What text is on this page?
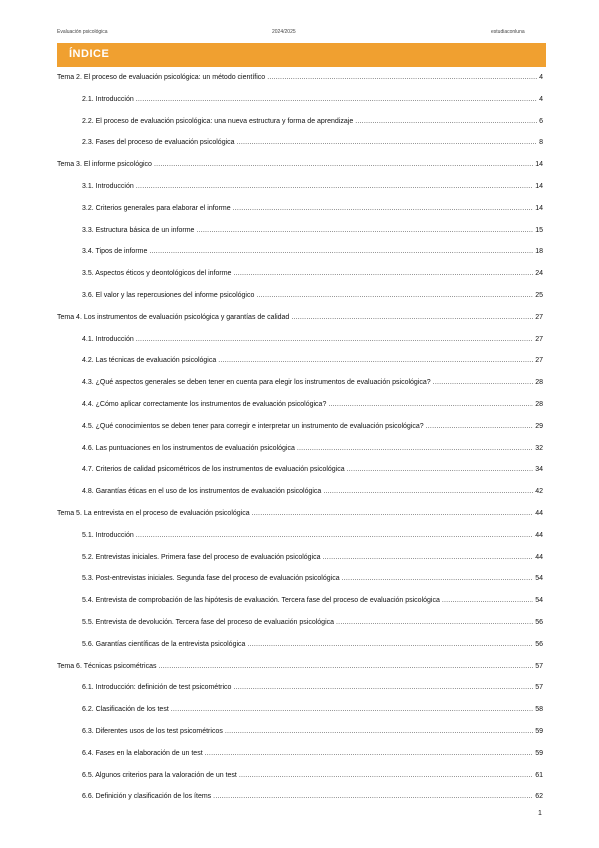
Evaluación psicológica	2024/2025	estudiaconluna
ÍNDICE
Tema 2. El proceso de evaluación psicológica: un método científico .....	4
2.1. Introducción .....	4
2.2. El proceso de evaluación psicológica: una nueva estructura y forma de aprendizaje .....	6
2.3. Fases del proceso de evaluación psicológica .....	8
Tema 3. El informe psicológico .....	14
3.1. Introducción .....	14
3.2. Criterios generales para elaborar el informe .....	14
3.3. Estructura básica de un informe .....	15
3.4. Tipos de informe .....	18
3.5. Aspectos éticos y deontológicos del informe .....	24
3.6. El valor y las repercusiones del informe psicológico .....	25
Tema 4. Los instrumentos de evaluación psicológica y garantías de calidad .....	27
4.1. Introducción .....	27
4.2. Las técnicas de evaluación psicológica .....	27
4.3. ¿Qué aspectos generales se deben tener en cuenta para elegir los instrumentos de evaluación psicológica? .....	28
4.4. ¿Cómo aplicar correctamente los instrumentos de evaluación psicológica? .....	28
4.5. ¿Qué conocimientos se deben tener para corregir e interpretar un instrumento de evaluación psicológica? .....	29
4.6. Las puntuaciones en los instrumentos de evaluación psicológica .....	32
4.7. Criterios de calidad psicométricos de los instrumentos de evaluación psicológica .....	34
4.8. Garantías éticas en el uso de los instrumentos de evaluación psicológica .....	42
Tema 5. La entrevista en el proceso de evaluación psicológica .....	44
5.1. Introducción .....	44
5.2. Entrevistas iniciales. Primera fase del proceso de evaluación psicológica .....	44
5.3. Post-entrevistas iniciales. Segunda fase del proceso de evaluación psicológica .....	54
5.4. Entrevista de comprobación de las hipótesis de evaluación. Tercera fase del proceso de evaluación psicológica .....	54
5.5. Entrevista de devolución. Tercera fase del proceso de evaluación psicológica .....	56
5.6. Garantías científicas de la entrevista psicológica .....	56
Tema 6. Técnicas psicométricas .....	57
6.1. Introducción: definición de test psicométrico .....	57
6.2. Clasificación de los test .....	58
6.3. Diferentes usos de los test psicométricos .....	59
6.4. Fases en la elaboración de un test .....	59
6.5. Algunos criterios para la valoración de un test .....	61
6.6. Definición y clasificación de los ítems .....	62
1
